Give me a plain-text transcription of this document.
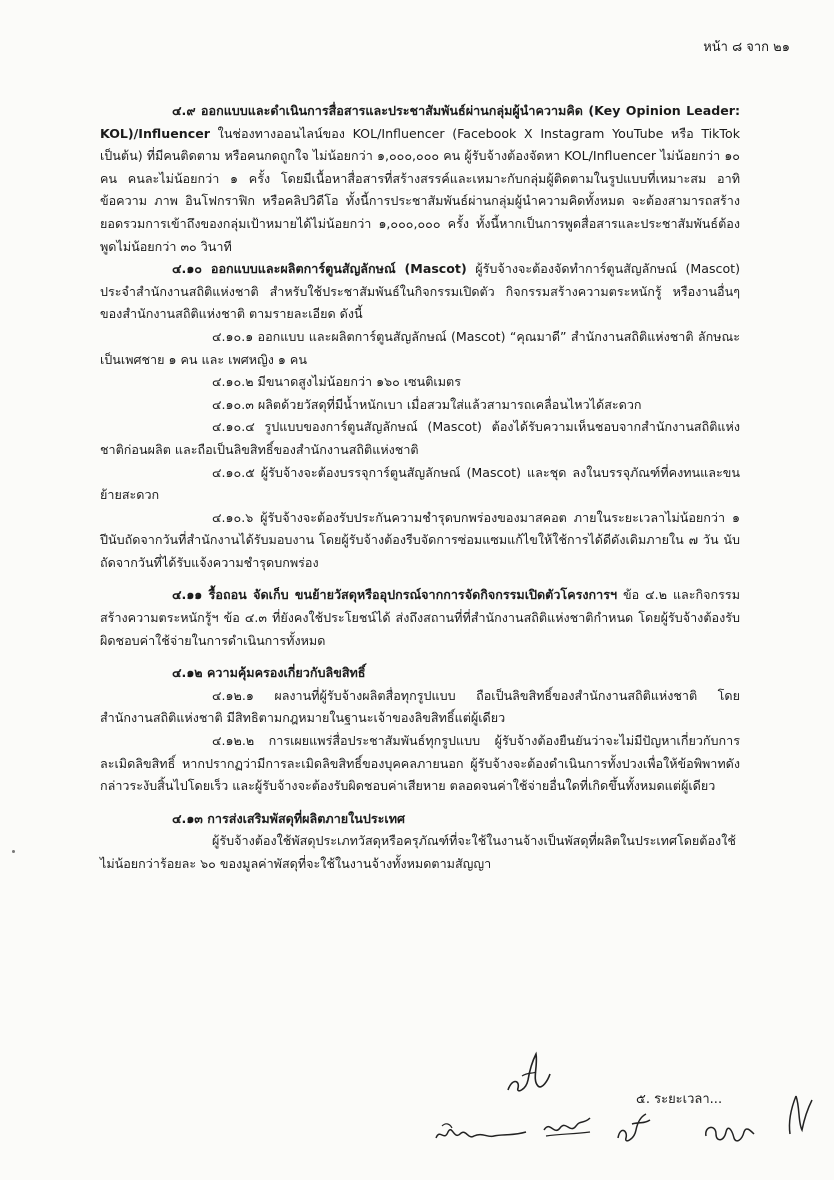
หน้า ๘ จาก ๒๑

๔.๙ ออกแบบและดำเนินการสื่อสารและประชาสัมพันธ์ผ่านกลุ่มผู้นำความคิด (Key Opinion Leader: KOL)/Influencer ในช่องทางออนไลน์ของ KOL/Influencer (Facebook X Instagram YouTube หรือ TikTok เป็นต้น) ที่มีคนติดตาม หรือคนกดถูกใจ ไม่น้อยกว่า ๑,๐๐๐,๐๐๐ คน ผู้รับจ้างต้องจัดหา KOL/Influencer ไม่น้อยกว่า ๑๐ คน คนละไม่น้อยกว่า ๑ ครั้ง โดยมีเนื้อหาสื่อสารที่สร้างสรรค์และเหมาะกับกลุ่มผู้ติดตามในรูปแบบที่เหมาะสม อาทิ ข้อความ ภาพ อินโฟกราฟิก หรือคลิปวิดีโอ ทั้งนี้การประชาสัมพันธ์ผ่านกลุ่มผู้นำความคิดทั้งหมด จะต้องสามารถสร้างยอดรวมการเข้าถึงของกลุ่มเป้าหมายได้ไม่น้อยกว่า ๑,๐๐๐,๐๐๐ ครั้ง ทั้งนี้หากเป็นการพูดสื่อสารและประชาสัมพันธ์ต้องพูดไม่น้อยกว่า ๓๐ วินาที

๔.๑๐ ออกแบบและผลิตการ์ตูนสัญลักษณ์ (Mascot) ผู้รับจ้างจะต้องจัดทำการ์ตูนสัญลักษณ์ (Mascot) ประจำสำนักงานสถิติแห่งชาติ สำหรับใช้ประชาสัมพันธ์ในกิจกรรมเปิดตัว กิจกรรมสร้างความตระหนักรู้ หรืองานอื่นๆ ของสำนักงานสถิติแห่งชาติ ตามรายละเอียด ดังนี้

๔.๑๐.๑ ออกแบบ และผลิตการ์ตูนสัญลักษณ์ (Mascot) “คุณมาดี” สำนักงานสถิติแห่งชาติ ลักษณะเป็นเพศชาย ๑ คน และ เพศหญิง ๑ คน

๔.๑๐.๒ มีขนาดสูงไม่น้อยกว่า ๑๖๐ เซนติเมตร

๔.๑๐.๓ ผลิตด้วยวัสดุที่มีน้ำหนักเบา เมื่อสวมใส่แล้วสามารถเคลื่อนไหวได้สะดวก

๔.๑๐.๔ รูปแบบของการ์ตูนสัญลักษณ์ (Mascot) ต้องได้รับความเห็นชอบจากสำนักงานสถิติแห่งชาติก่อนผลิต และถือเป็นลิขสิทธิ์ของสำนักงานสถิติแห่งชาติ

๔.๑๐.๕ ผู้รับจ้างจะต้องบรรจุการ์ตูนสัญลักษณ์ (Mascot) และชุด ลงในบรรจุภัณฑ์ที่คงทนและขนย้ายสะดวก

๔.๑๐.๖ ผู้รับจ้างจะต้องรับประกันความชำรุดบกพร่องของมาสคอต ภายในระยะเวลาไม่น้อยกว่า ๑ ปีนับถัดจากวันที่สำนักงานได้รับมอบงาน โดยผู้รับจ้างต้องรีบจัดการซ่อมแซมแก้ไขให้ใช้การได้ดีดังเดิมภายใน ๗ วัน นับถัดจากวันที่ได้รับแจ้งความชำรุดบกพร่อง

๔.๑๑ รื้อถอน จัดเก็บ ขนย้ายวัสดุหรืออุปกรณ์จากการจัดกิจกรรมเปิดตัวโครงการฯ ข้อ ๔.๒ และกิจกรรมสร้างความตระหนักรู้ฯ ข้อ ๔.๓ ที่ยังคงใช้ประโยชน์ได้ ส่งถึงสถานที่ที่สำนักงานสถิติแห่งชาติกำหนด โดยผู้รับจ้างต้องรับผิดชอบค่าใช้จ่ายในการดำเนินการทั้งหมด

๔.๑๒ ความคุ้มครองเกี่ยวกับลิขสิทธิ์

๔.๑๒.๑ ผลงานที่ผู้รับจ้างผลิตสื่อทุกรูปแบบ ถือเป็นลิขสิทธิ์ของสำนักงานสถิติแห่งชาติ โดยสำนักงานสถิติแห่งชาติ มีสิทธิตามกฎหมายในฐานะเจ้าของลิขสิทธิ์แต่ผู้เดียว

๔.๑๒.๒ การเผยแพร่สื่อประชาสัมพันธ์ทุกรูปแบบ ผู้รับจ้างต้องยืนยันว่าจะไม่มีปัญหาเกี่ยวกับการละเมิดลิขสิทธิ์ หากปรากฏว่ามีการละเมิดลิขสิทธิ์ของบุคคลภายนอก ผู้รับจ้างจะต้องดำเนินการทั้งปวงเพื่อให้ข้อพิพาทดังกล่าวระงับสิ้นไปโดยเร็ว และผู้รับจ้างจะต้องรับผิดชอบค่าเสียหาย ตลอดจนค่าใช้จ่ายอื่นใดที่เกิดขึ้นทั้งหมดแต่ผู้เดียว

๔.๑๓ การส่งเสริมพัสดุที่ผลิตภายในประเทศ

ผู้รับจ้างต้องใช้พัสดุประเภทวัสดุหรือครุภัณฑ์ที่จะใช้ในงานจ้างเป็นพัสดุที่ผลิตในประเทศโดยต้องใช้ไม่น้อยกว่าร้อยละ ๖๐ ของมูลค่าพัสดุที่จะใช้ในงานจ้างทั้งหมดตามสัญญา

๕. ระยะเวลา...
